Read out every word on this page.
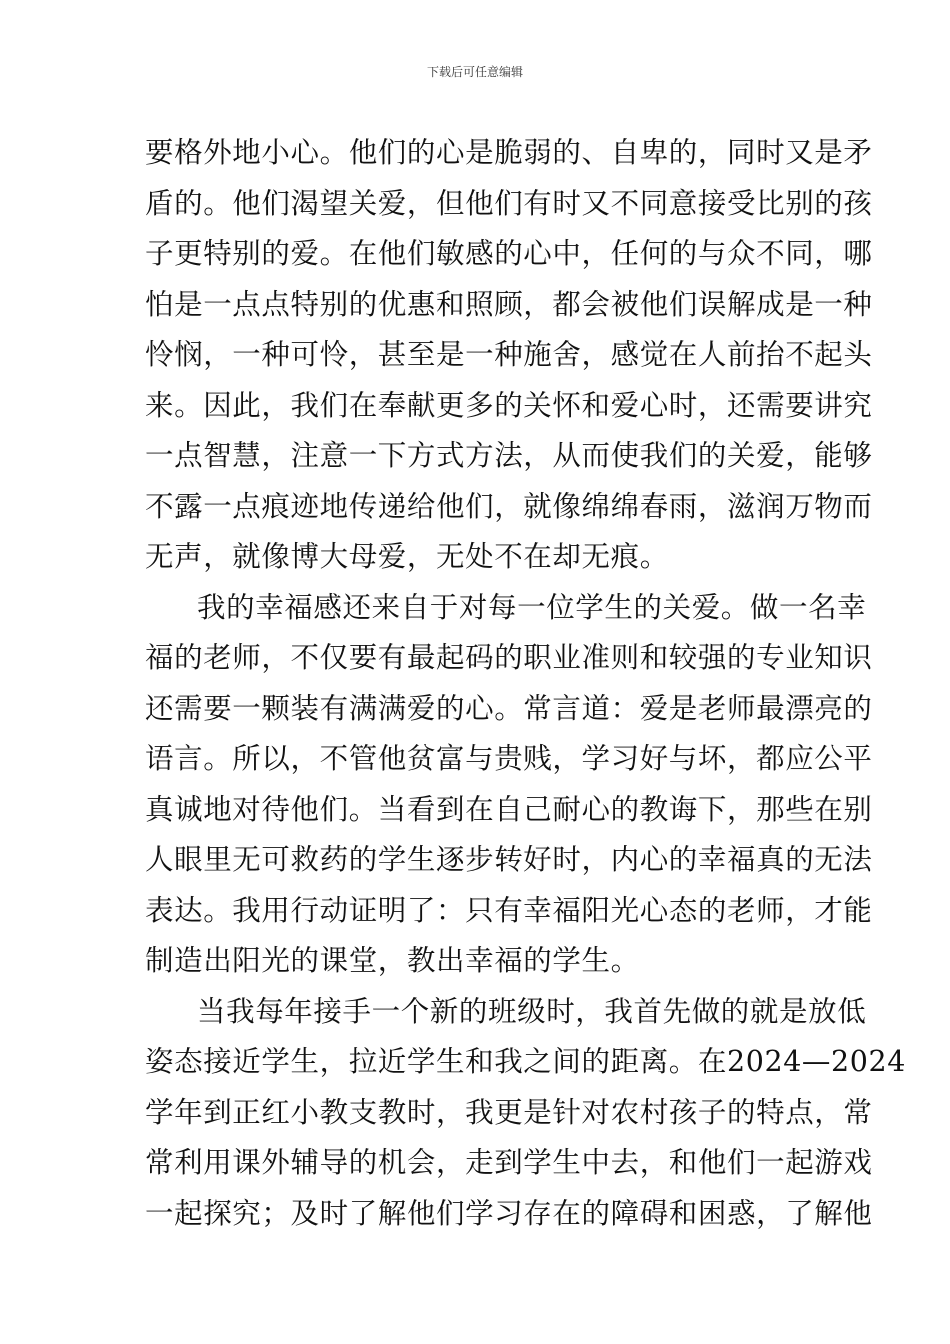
下载后可任意编辑
要格外地小心。他们的心是脆弱的、自卑的，同时又是矛
盾的。他们渴望关爱，但他们有时又不同意接受比别的孩
子更特别的爱。在他们敏感的心中，任何的与众不同，哪
怕是一点点特别的优惠和照顾，都会被他们误解成是一种
怜悯，一种可怜，甚至是一种施舍，感觉在人前抬不起头
来。因此，我们在奉献更多的关怀和爱心时，还需要讲究
一点智慧，注意一下方式方法，从而使我们的关爱，能够
不露一点痕迹地传递给他们，就像绵绵春雨，滋润万物而
无声，就像博大母爱，无处不在却无痕。
我的幸福感还来自于对每一位学生的关爱。做一名幸
福的老师，不仅要有最起码的职业准则和较强的专业知识
还需要一颗装有满满爱的心。常言道：爱是老师最漂亮的
语言。所以，不管他贫富与贵贱，学习好与坏，都应公平
真诚地对待他们。当看到在自己耐心的教诲下，那些在别
人眼里无可救药的学生逐步转好时，内心的幸福真的无法
表达。我用行动证明了：只有幸福阳光心态的老师，才能
制造出阳光的课堂，教出幸福的学生。
当我每年接手一个新的班级时，我首先做的就是放低
姿态接近学生，拉近学生和我之间的距离。在2024—2024
学年到正红小教支教时，我更是针对农村孩子的特点，常
常利用课外辅导的机会，走到学生中去，和他们一起游戏
一起探究；及时了解他们学习存在的障碍和困惑，了解他
